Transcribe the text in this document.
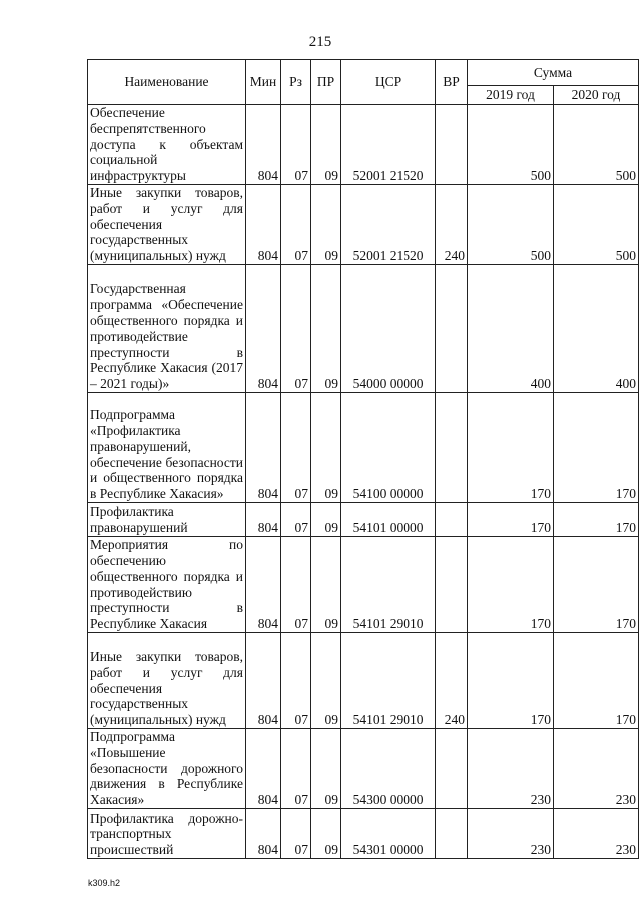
215
Наименование	Мин	Рз	ПР	ЦСР	ВР	Сумма	
						2019 год	2020 год
Обеспечение беспрепятственного доступа к объектам социальной инфраструктуры	804	07	09	52001 21520		500	500
Иные закупки товаров, работ и услуг для обеспечения государственных (муниципальных) нужд	804	07	09	52001 21520	240	500	500
Государственная программа «Обеспечение общественного порядка и противодействие преступности в Республике Хакасия (2017 – 2021 годы)»	804	07	09	54000 00000		400	400
Подпрограмма «Профилактика правонарушений, обеспечение безопасности и общественного порядка в Республике Хакасия»	804	07	09	54100 00000		170	170
Профилактика правонарушений	804	07	09	54101 00000		170	170
Мероприятия по обеспечению общественного порядка и противодействию преступности в Республике Хакасия	804	07	09	54101 29010		170	170
Иные закупки товаров, работ и услуг для обеспечения государственных (муниципальных) нужд	804	07	09	54101 29010	240	170	170
Подпрограмма «Повышение безопасности дорожного движения в Республике Хакасия»	804	07	09	54300 00000		230	230
Профилактика дорожно-транспортных происшествий	804	07	09	54301 00000		230	230
k309.h2
